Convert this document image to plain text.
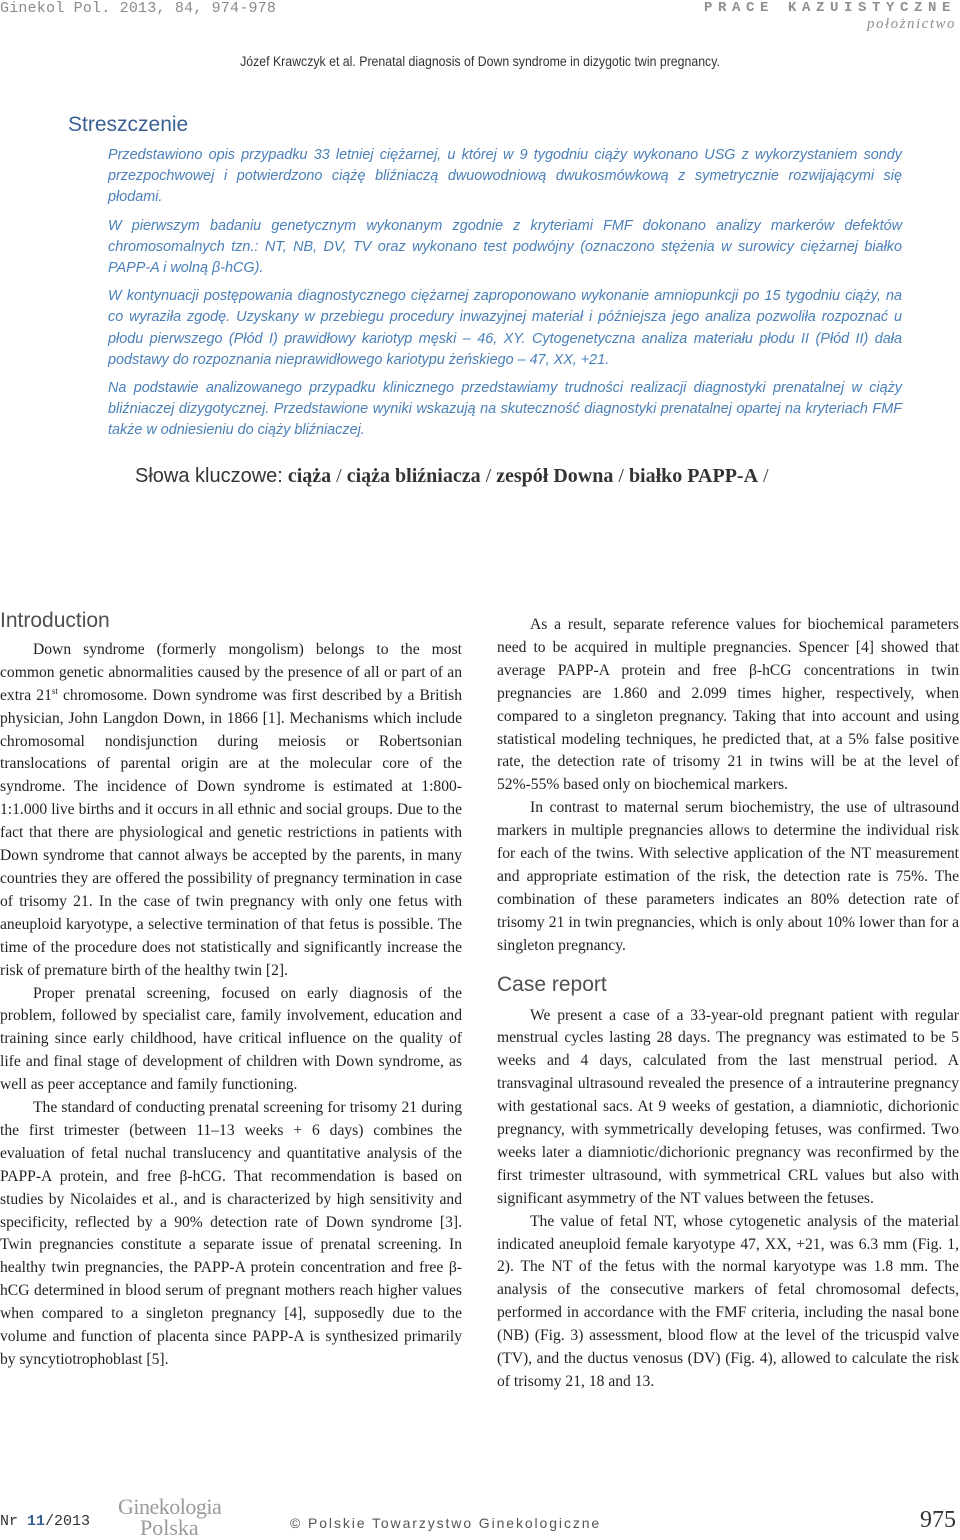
Ginekol Pol. 2013, 84, 974-978	PRACE KAZUISTYCZNE
położnictwo
Józef Krawczyk et al. Prenatal diagnosis of Down syndrome in dizygotic twin pregnancy.
Streszczenie

Przedstawiono opis przypadku 33 letniej ciężarnej, u której w 9 tygodniu ciąży wykonano USG z wykorzystaniem sondy przezpochwowej i potwierdzono ciążę bliźniaczą dwuowodniową dwukosmówkową z symetrycznie rozwijającymi się płodami.

W pierwszym badaniu genetycznym wykonanym zgodnie z kryteriami FMF dokonano analizy markerów defektów chromosomalnych tzn.: NT, NB, DV, TV oraz wykonano test podwójny (oznaczono stężenia w surowicy ciężarnej białko PAPP-A i wolną β-hCG).

W kontynuacji postępowania diagnostycznego ciężarnej zaproponowano wykonanie amniopunkcji po 15 tygodniu ciąży, na co wyraziła zgodę. Uzyskany w przebiegu procedury inwazyjnej materiał i późniejsza jego analiza pozwoliła rozpoznać u płodu pierwszego (Płód I) prawidłowy kariotyp męski – 46, XY. Cytogenetyczna analiza materiału płodu II (Płód II) dała podstawy do rozpoznania nieprawidłowego kariotypu żeńskiego – 47, XX, +21.

Na podstawie analizowanego przypadku klinicznego przedstawiamy trudności realizacji diagnostyki prenatalnej w ciąży bliźniaczej dizygotycznej. Przedstawione wyniki wskazują na skuteczność diagnostyki prenatalnej opartej na kryteriach FMF także w odniesieniu do ciąży bliźniaczej.

Słowa kluczowe: ciąża / ciąża bliźniacza / zespół Downa / białko PAPP-A /
Introduction

Down syndrome (formerly mongolism) belongs to the most common genetic abnormalities caused by the presence of all or part of an extra 21st chromosome. Down syndrome was first described by a British physician, John Langdon Down, in 1866 [1]. Mechanisms which include chromosomal nondisjunction during meiosis or Robertsonian translocations of parental origin are at the molecular core of the syndrome. The incidence of Down syndrome is estimated at 1:800-1:1.000 live births and it occurs in all ethnic and social groups. Due to the fact that there are physiological and genetic restrictions in patients with Down syndrome that cannot always be accepted by the parents, in many countries they are offered the possibility of pregnancy termination in case of trisomy 21. In the case of twin pregnancy with only one fetus with aneuploid karyotype, a selective termination of that fetus is possible. The time of the procedure does not statistically and significantly increase the risk of premature birth of the healthy twin [2].

Proper prenatal screening, focused on early diagnosis of the problem, followed by specialist care, family involvement, education and training since early childhood, have critical influence on the quality of life and final stage of development of children with Down syndrome, as well as peer acceptance and family functioning.

The standard of conducting prenatal screening for trisomy 21 during the first trimester (between 11–13 weeks + 6 days) combines the evaluation of fetal nuchal translucency and quantitative analysis of the PAPP-A protein, and free β-hCG. That recommendation is based on studies by Nicolaides et al., and is characterized by high sensitivity and specificity, reflected by a 90% detection rate of Down syndrome [3]. Twin pregnancies constitute a separate issue of prenatal screening. In healthy twin pregnancies, the PAPP-A protein concentration and free β-hCG determined in blood serum of pregnant mothers reach higher values when compared to a singleton pregnancy [4], supposedly due to the volume and function of placenta since PAPP-A is synthesized primarily by syncytiotrophoblast [5].

As a result, separate reference values for biochemical parameters need to be acquired in multiple pregnancies. Spencer [4] showed that average PAPP-A protein and free β-hCG concentrations in twin pregnancies are 1.860 and 2.099 times higher, respectively, when compared to a singleton pregnancy. Taking that into account and using statistical modeling techniques, he predicted that, at a 5% false positive rate, the detection rate of trisomy 21 in twins will be at the level of 52%-55% based only on biochemical markers.

In contrast to maternal serum biochemistry, the use of ultrasound markers in multiple pregnancies allows to determine the individual risk for each of the twins. With selective application of the NT measurement and appropriate estimation of the risk, the detection rate is 75%. The combination of these parameters indicates an 80% detection rate of trisomy 21 in twin pregnancies, which is only about 10% lower than for a singleton pregnancy.

Case report

We present a case of a 33-year-old pregnant patient with regular menstrual cycles lasting 28 days. The pregnancy was estimated to be 5 weeks and 4 days, calculated from the last menstrual period. A transvaginal ultrasound revealed the presence of a intrauterine pregnancy with gestational sacs. At 9 weeks of gestation, a diamniotic, dichorionic pregnancy, with symmetrically developing fetuses, was confirmed. Two weeks later a diamniotic/dichorionic pregnancy was reconfirmed by the first trimester ultrasound, with symmetrical CRL values but also with significant asymmetry of the NT values between the fetuses.

The value of fetal NT, whose cytogenetic analysis of the material indicated aneuploid female karyotype 47, XX, +21, was 6.3 mm (Fig. 1, 2). The NT of the fetus with the normal karyotype was 1.8 mm. The analysis of the consecutive markers of fetal chromosomal defects, performed in accordance with the FMF criteria, including the nasal bone (NB) (Fig. 3) assessment, blood flow at the level of the tricuspid valve (TV), and the ductus venosus (DV) (Fig. 4), allowed to calculate the risk of trisomy 21, 18 and 13.

Nr 11/2013
Ginekologia
Polska	© Polskie Towarzystwo Ginekologiczne	975
